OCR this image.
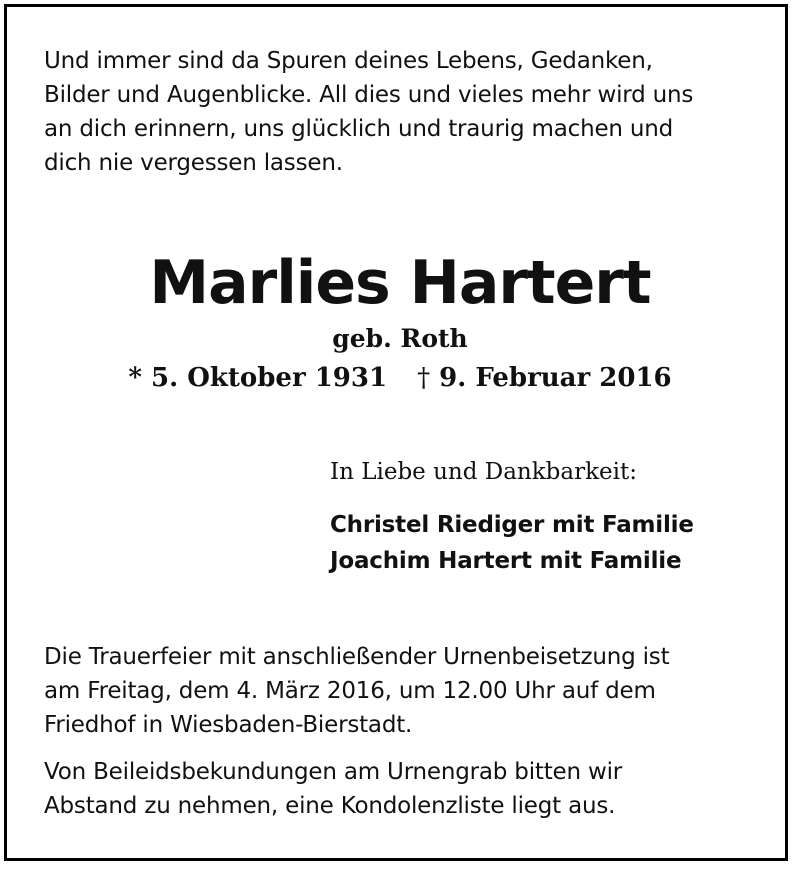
Und immer sind da Spuren deines Lebens, Gedanken,
Bilder und Augenblicke. All dies und vieles mehr wird uns
an dich erinnern, uns glücklich und traurig machen und
dich nie vergessen lassen.
Marlies Hartert
geb. Roth
* 5. Oktober 1931 † 9. Februar 2016
In Liebe und Dankbarkeit:
Christel Riediger mit Familie
Joachim Hartert mit Familie
Die Trauerfeier mit anschließender Urnenbeisetzung ist
am Freitag, dem 4. März 2016, um 12.00 Uhr auf dem
Friedhof in Wiesbaden-Bierstadt.
Von Beileidsbekundungen am Urnengrab bitten wir
Abstand zu nehmen, eine Kondolenzliste liegt aus.
